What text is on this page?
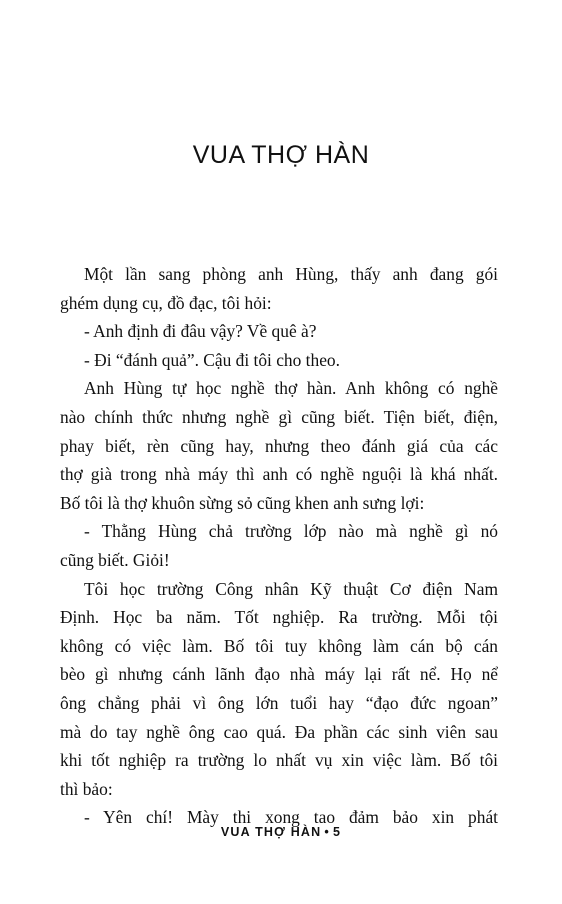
VUA THỢ HÀN
Một lần sang phòng anh Hùng, thấy anh đang gói
ghém dụng cụ, đồ đạc, tôi hỏi:
- Anh định đi đâu vậy? Về quê à?
- Đi “đánh quả”. Cậu đi tôi cho theo.
Anh Hùng tự học nghề thợ hàn. Anh không có nghề
nào chính thức nhưng nghề gì cũng biết. Tiện biết, điện,
phay biết, rèn cũng hay, nhưng theo đánh giá của các
thợ già trong nhà máy thì anh có nghề nguội là khá nhất.
Bố tôi là thợ khuôn sừng sỏ cũng khen anh sưng lợi:
- Thằng Hùng chả trường lớp nào mà nghề gì nó
cũng biết. Giỏi!
Tôi học trường Công nhân Kỹ thuật Cơ điện Nam
Định. Học ba năm. Tốt nghiệp. Ra trường. Mỗi tội
không có việc làm. Bố tôi tuy không làm cán bộ cán
bèo gì nhưng cánh lãnh đạo nhà máy lại rất nể. Họ nể
ông chẳng phải vì ông lớn tuổi hay “đạo đức ngoan”
mà do tay nghề ông cao quá. Đa phần các sinh viên sau
khi tốt nghiệp ra trường lo nhất vụ xin việc làm. Bố tôi
thì bảo:
- Yên chí! Mày thi xong tao đảm bảo xin phát
VUA THỢ HÀN • 5
